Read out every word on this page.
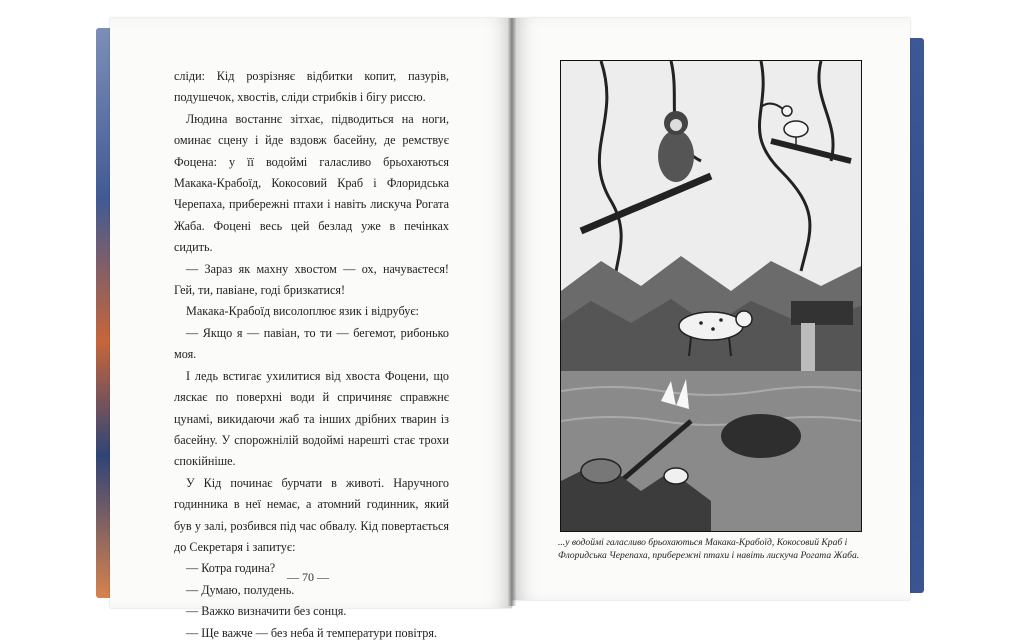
сліди: Кід розрізняє відбитки копит, пазурів, подушечок, хвостів, сліди стрибків і бігу риссю.

Людина востаннє зітхає, підводиться на ноги, оминає сцену і йде вздовж басейну, де ремствує Фоцена: у її водоймі галасливо брьохаються Макака-Крабоїд, Кокосовий Краб і Флоридська Черепаха, прибережні птахи і навіть лискуча Рогата Жаба. Фоцені весь цей безлад уже в печінках сидить.

— Зараз як махну хвостом — ох, начуваєтеся! Гей, ти, павіане, годі бризкатися!

Макака-Крабоїд висолоплює язик і відрубує:

— Якщо я — павіан, то ти — бегемот, рибонько моя.

І ледь встигає ухилитися від хвоста Фоцени, що ляскає по поверхні води й спричиняє справжнє цунамі, викидаючи жаб та інших дрібних тварин із басейну. У спорожнілій водоймі нарешті стає трохи спокійніше.

У Кід починає бурчати в животі. Наручного годинника в неї немає, а атомний годинник, який був у залі, розбився під час обвалу. Кід повертається до Секретаря і запитує:

— Котра година?

— Думаю, полудень.

— Важко визначити без сонця.

— Ще важче — без неба й температури повітря.

— 70 —
...у водоймі галасливо брьохаються Макака-Крабоїд, Кокосовий Краб і Флоридська Черепаха, прибережні птахи і навіть лискуча Рогата Жаба.
